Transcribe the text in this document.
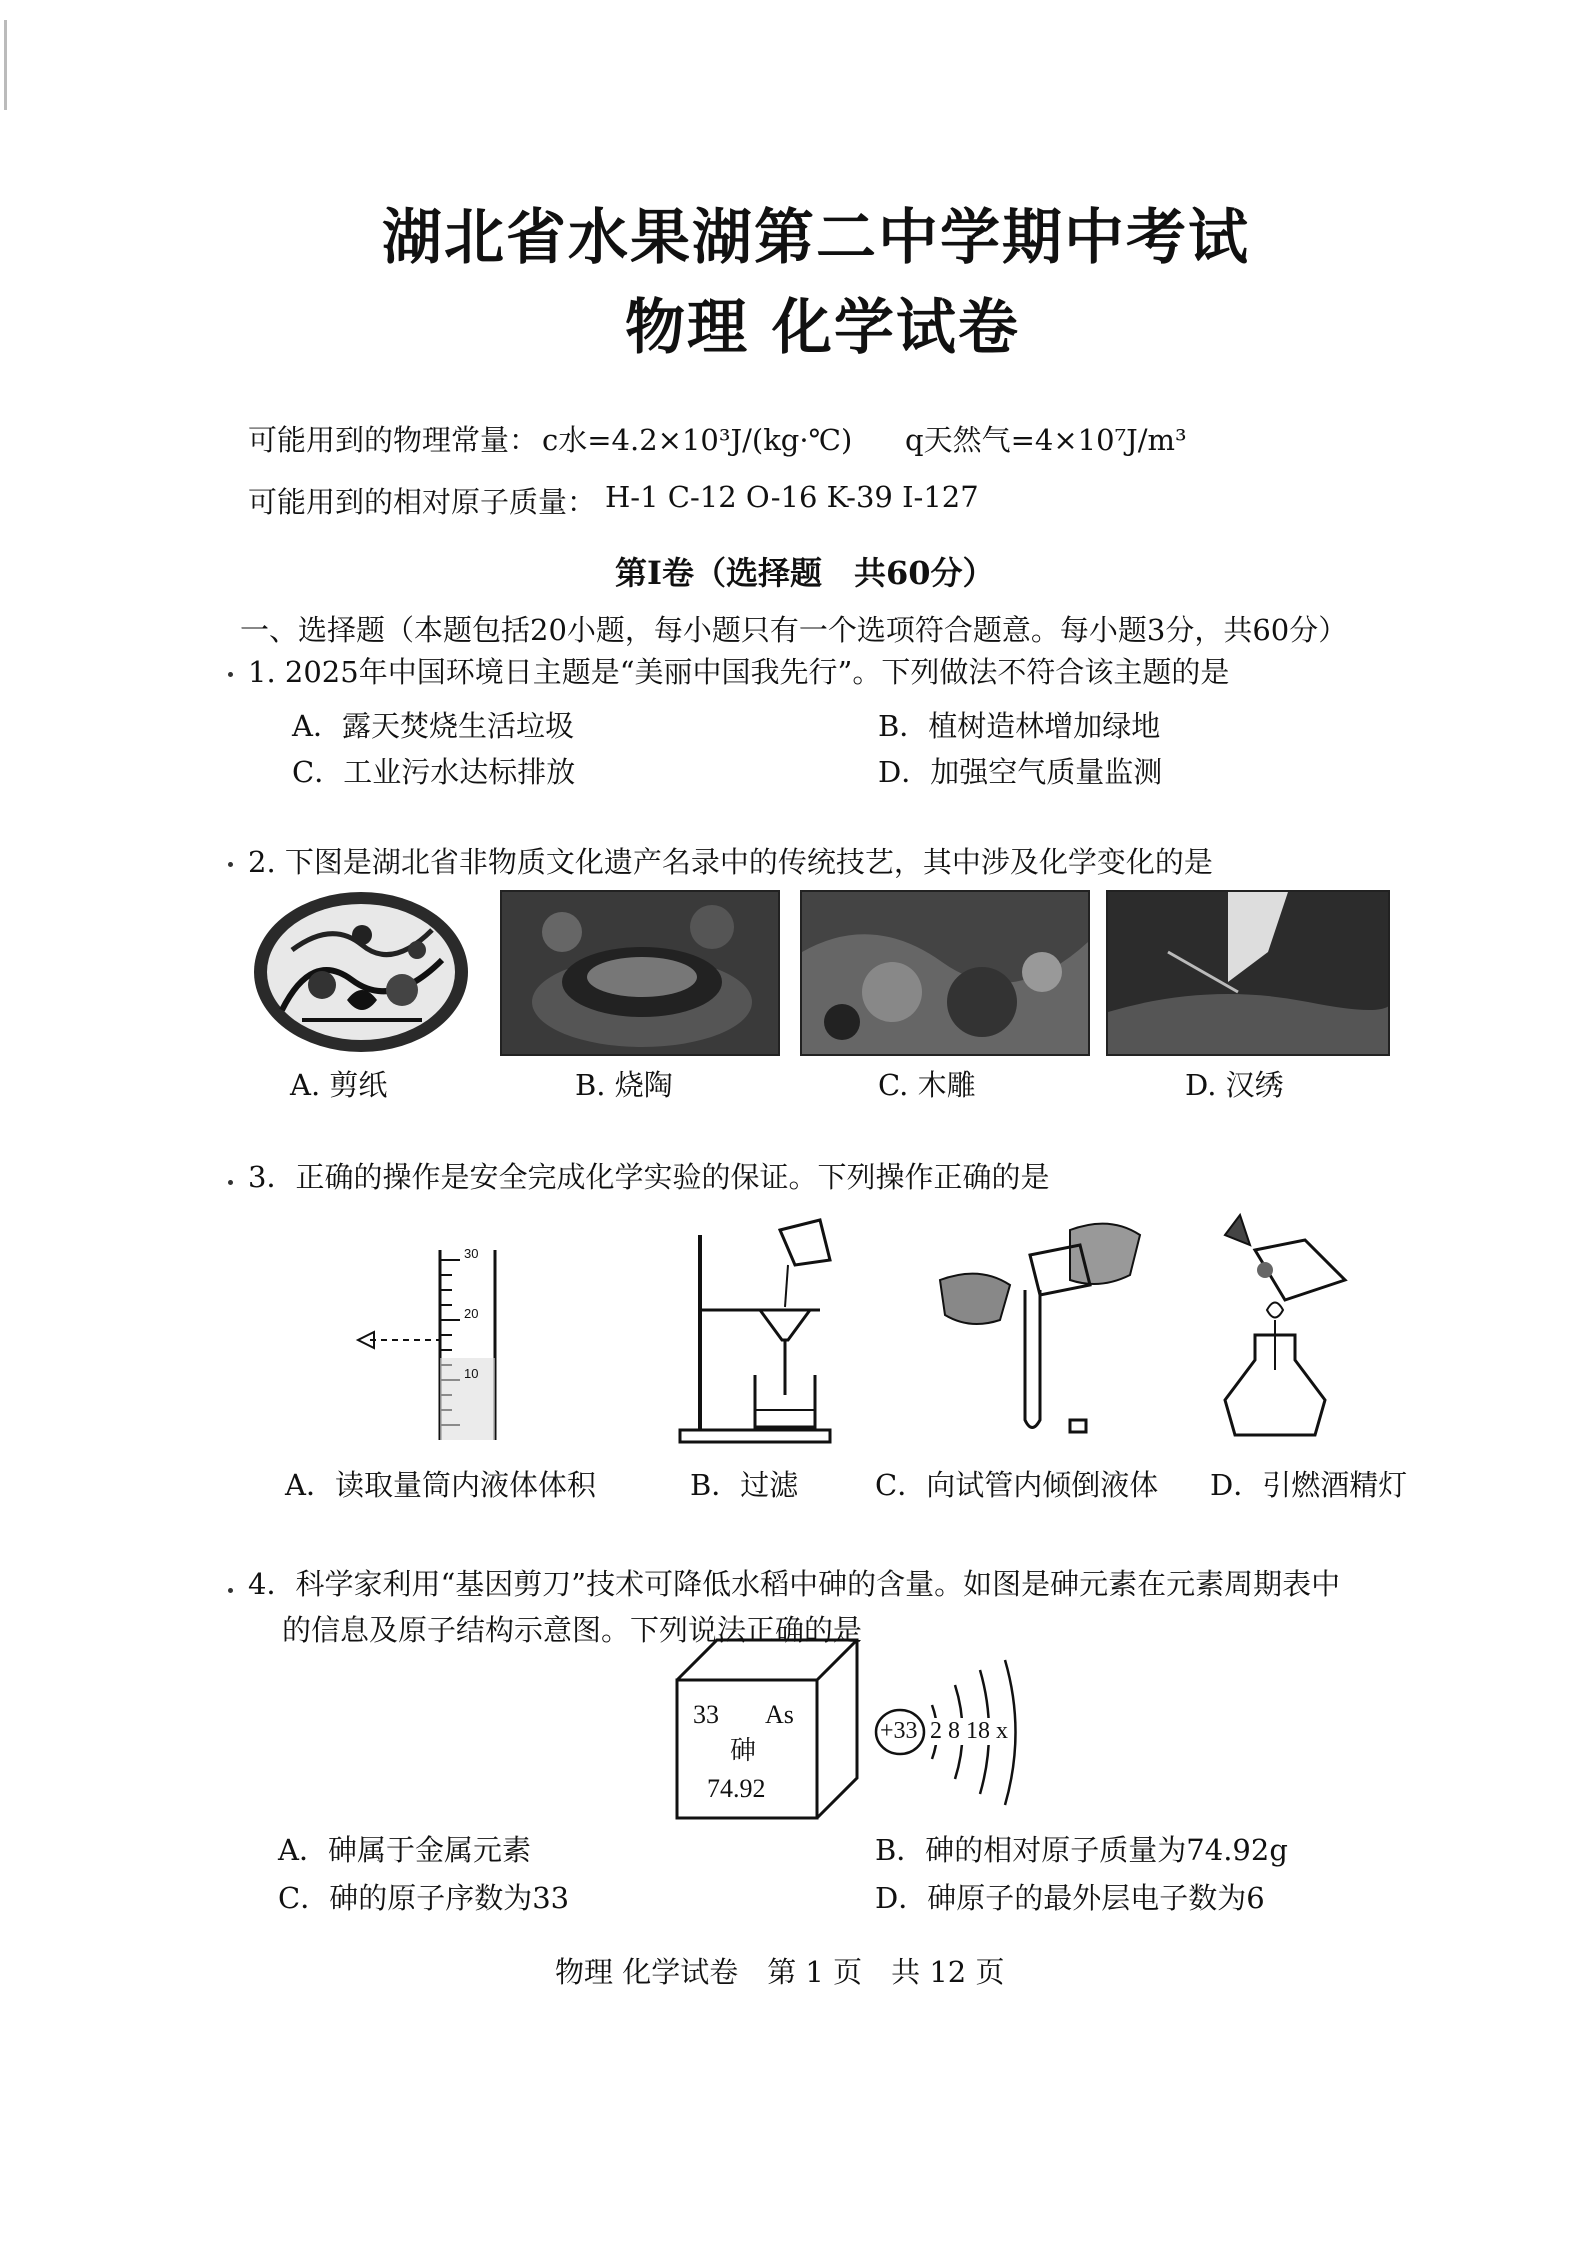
湖北省水果湖第二中学期中考试
物理 化学试卷
可能用到的物理常量： c水=4.2×10³J/(kg·℃) q天然气=4×10⁷J/m³
可能用到的相对原子质量： H-1 C-12 O-16 K-39 I-127
第Ⅰ卷（选择题　共60分）
一、选择题（本题包括20小题，每小题只有一个选项符合题意。每小题3分，共60分）
1. 2025年中国环境日主题是“美丽中国我先行”。下列做法不符合该主题的是
A．露天焚烧生活垃圾	B．植树造林增加绿地
C．工业污水达标排放	D．加强空气质量监测
2. 下图是湖北省非物质文化遗产名录中的传统技艺，其中涉及化学变化的是
A. 剪纸	B. 烧陶	C. 木雕	D. 汉绣
3．正确的操作是安全完成化学实验的保证。下列操作正确的是
30
20
10
A．读取量筒内液体体积	B．过滤	C．向试管内倾倒液体 D．引燃酒精灯
4．科学家利用“基因剪刀”技术可降低水稻中砷的含量。如图是砷元素在元素周期表中
的信息及原子结构示意图。下列说法正确的是
33 As
砷
74.92
+33 2 8 18 x
A．砷属于金属元素	B．砷的相对原子质量为74.92g
C．砷的原子序数为33	D．砷原子的最外层电子数为6
物理 化学试卷　第 1 页　共 12 页
